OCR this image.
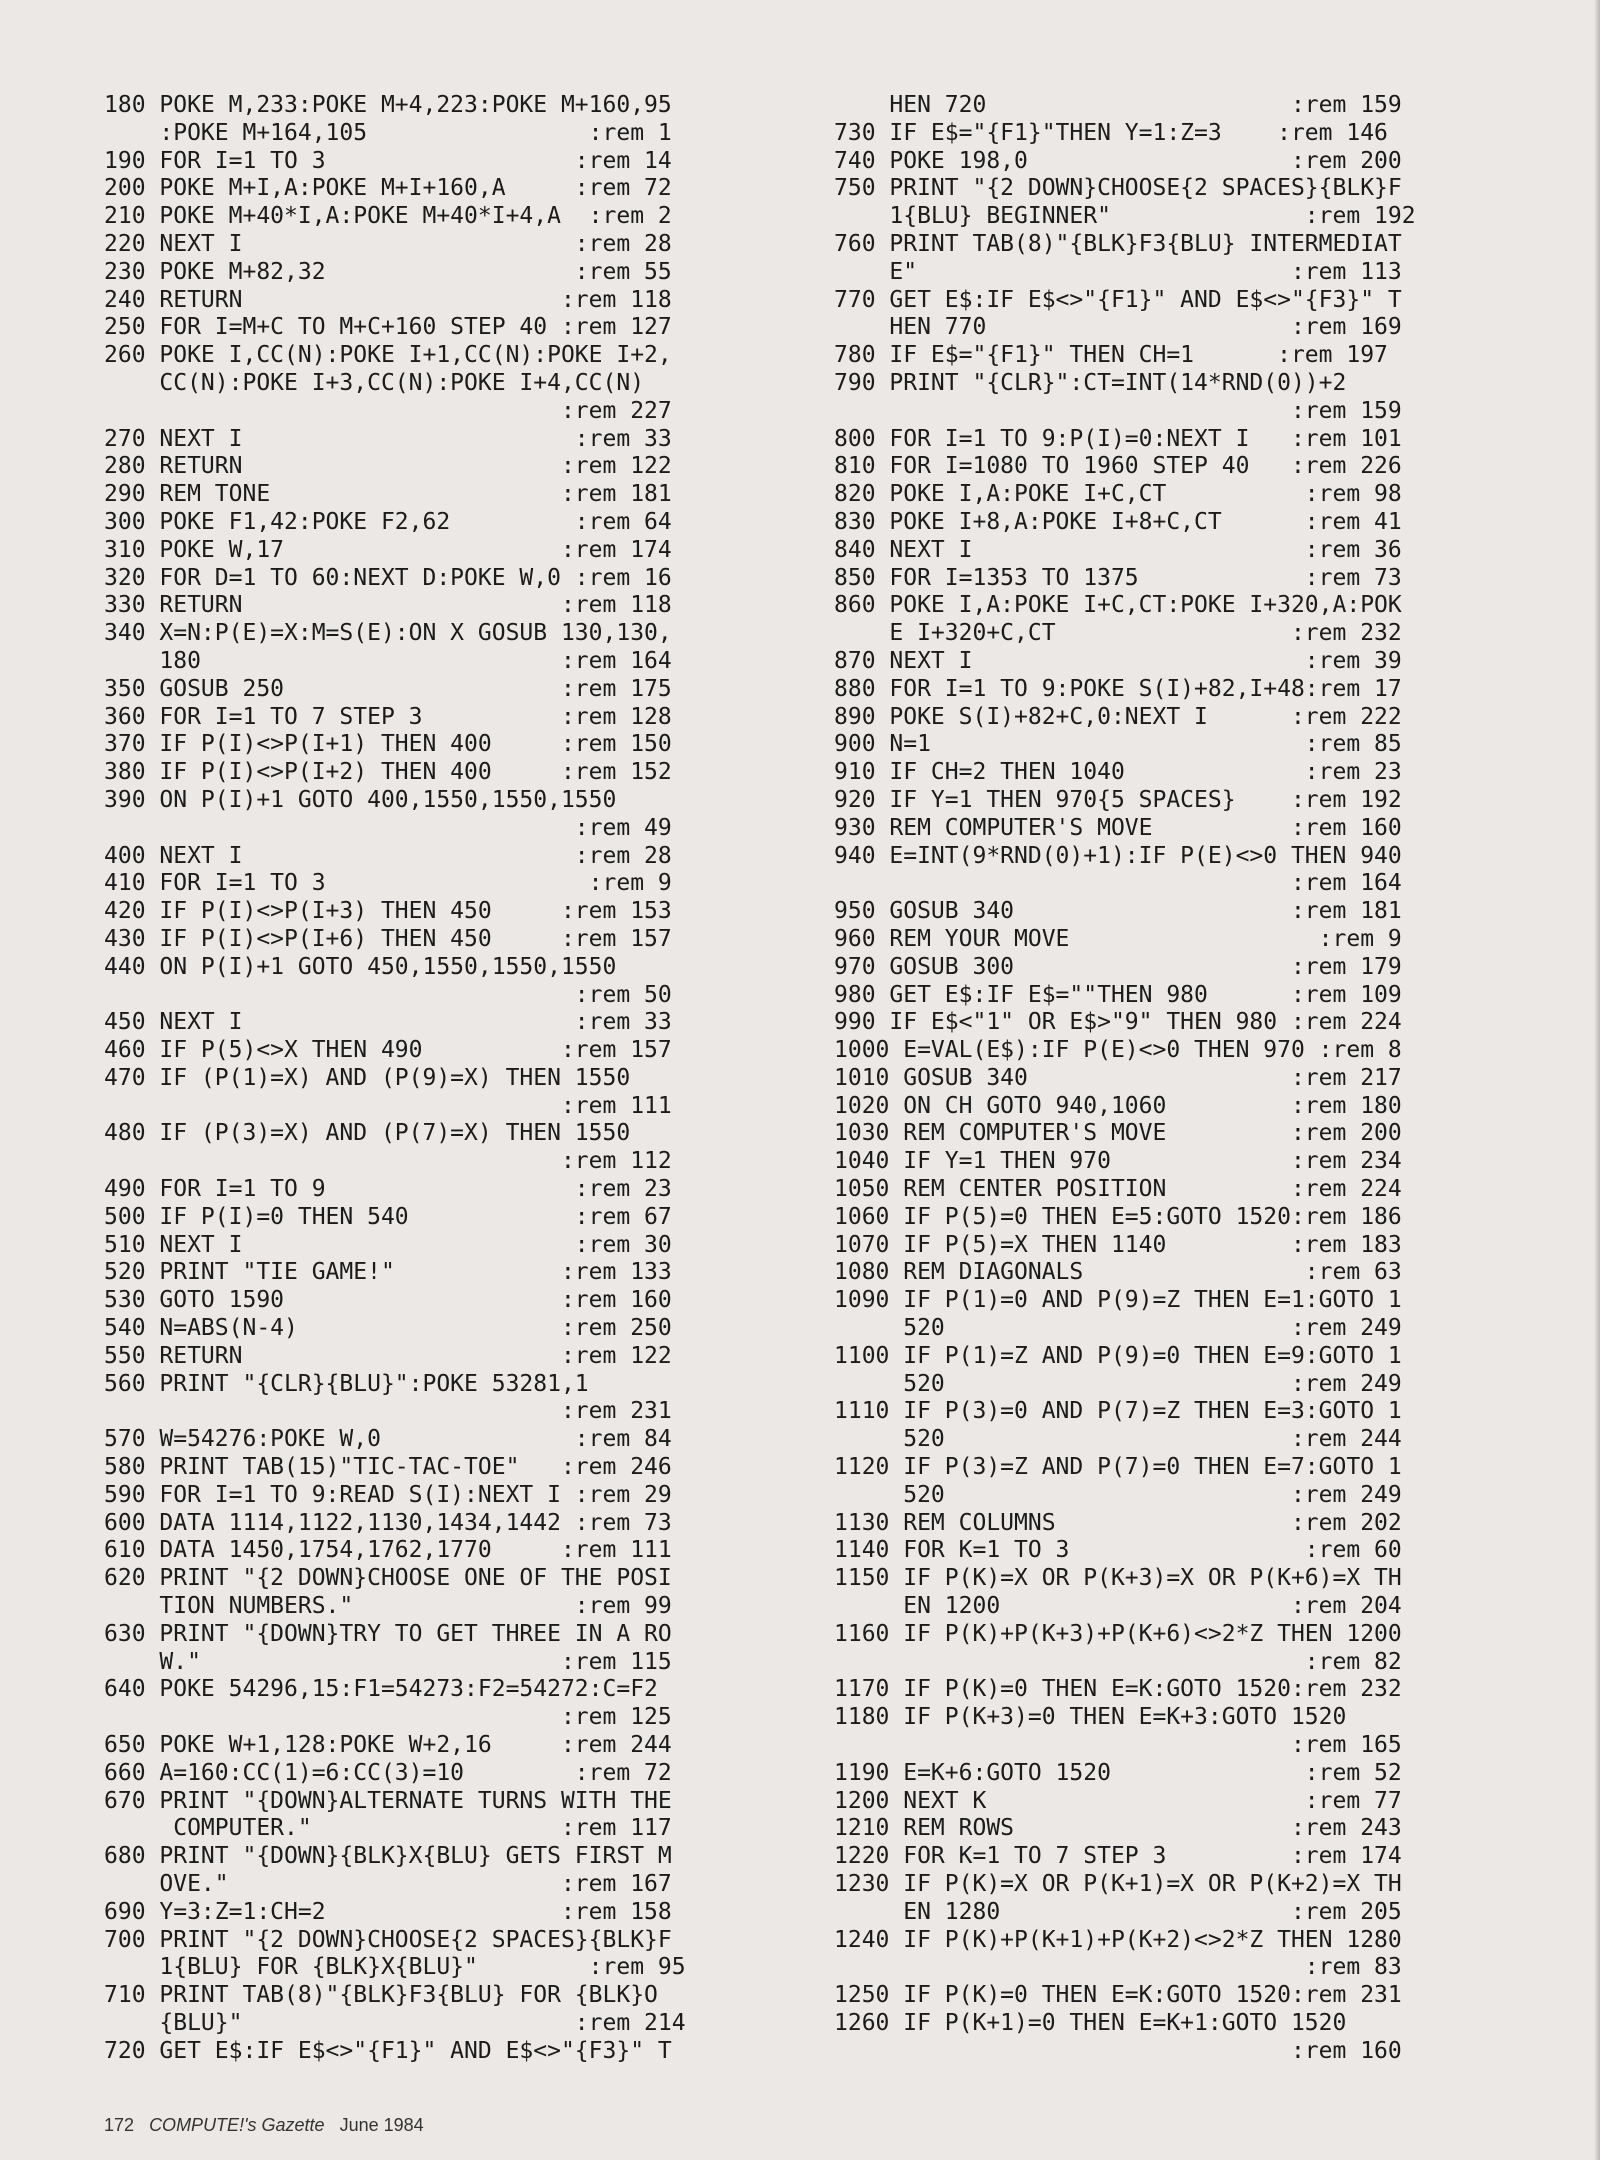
180 POKE M,233:POKE M+4,223:POKE M+160,95
:POKE M+164,105                :rem 1
190 FOR I=1 TO 3                  :rem 14
200 POKE M+I,A:POKE M+I+160,A     :rem 72
210 POKE M+40*I,A:POKE M+40*I+4,A  :rem 2
220 NEXT I                        :rem 28
230 POKE M+82,32                  :rem 55
240 RETURN                       :rem 118
250 FOR I=M+C TO M+C+160 STEP 40 :rem 127
260 POKE I,CC(N):POKE I+1,CC(N):POKE I+2,
CC(N):POKE I+3,CC(N):POKE I+4,CC(N)
:rem 227
270 NEXT I                        :rem 33
280 RETURN                       :rem 122
290 REM TONE                     :rem 181
300 POKE F1,42:POKE F2,62         :rem 64
310 POKE W,17                    :rem 174
320 FOR D=1 TO 60:NEXT D:POKE W,0 :rem 16
330 RETURN                       :rem 118
340 X=N:P(E)=X:M=S(E):ON X GOSUB 130,130,
180                          :rem 164
350 GOSUB 250                    :rem 175
360 FOR I=1 TO 7 STEP 3          :rem 128
370 IF P(I)<>P(I+1) THEN 400     :rem 150
380 IF P(I)<>P(I+2) THEN 400     :rem 152
390 ON P(I)+1 GOTO 400,1550,1550,1550
:rem 49
400 NEXT I                        :rem 28
410 FOR I=1 TO 3                   :rem 9
420 IF P(I)<>P(I+3) THEN 450     :rem 153
430 IF P(I)<>P(I+6) THEN 450     :rem 157
440 ON P(I)+1 GOTO 450,1550,1550,1550
:rem 50
450 NEXT I                        :rem 33
460 IF P(5)<>X THEN 490          :rem 157
470 IF (P(1)=X) AND (P(9)=X) THEN 1550
:rem 111
480 IF (P(3)=X) AND (P(7)=X) THEN 1550
:rem 112
490 FOR I=1 TO 9                  :rem 23
500 IF P(I)=0 THEN 540            :rem 67
510 NEXT I                        :rem 30
520 PRINT "TIE GAME!"            :rem 133
530 GOTO 1590                    :rem 160
540 N=ABS(N-4)                   :rem 250
550 RETURN                       :rem 122
560 PRINT "{CLR}{BLU}":POKE 53281,1
:rem 231
570 W=54276:POKE W,0              :rem 84
580 PRINT TAB(15)"TIC-TAC-TOE"   :rem 246
590 FOR I=1 TO 9:READ S(I):NEXT I :rem 29
600 DATA 1114,1122,1130,1434,1442 :rem 73
610 DATA 1450,1754,1762,1770     :rem 111
620 PRINT "{2 DOWN}CHOOSE ONE OF THE POSI
TION NUMBERS."                :rem 99
630 PRINT "{DOWN}TRY TO GET THREE IN A RO
W."                          :rem 115
640 POKE 54296,15:F1=54273:F2=54272:C=F2
:rem 125
650 POKE W+1,128:POKE W+2,16     :rem 244
660 A=160:CC(1)=6:CC(3)=10        :rem 72
670 PRINT "{DOWN}ALTERNATE TURNS WITH THE
COMPUTER."                  :rem 117
680 PRINT "{DOWN}{BLK}X{BLU} GETS FIRST M
OVE."                        :rem 167
690 Y=3:Z=1:CH=2                 :rem 158
700 PRINT "{2 DOWN}CHOOSE{2 SPACES}{BLK}F
1{BLU} FOR {BLK}X{BLU}"        :rem 95
710 PRINT TAB(8)"{BLK}F3{BLU} FOR {BLK}O
{BLU}"                        :rem 214
720 GET E$:IF E$<>"{F1}" AND E$<>"{F3}" T
HEN 720                      :rem 159
730 IF E$="{F1}"THEN Y=1:Z=3    :rem 146
740 POKE 198,0                   :rem 200
750 PRINT "{2 DOWN}CHOOSE{2 SPACES}{BLK}F
1{BLU} BEGINNER"              :rem 192
760 PRINT TAB(8)"{BLK}F3{BLU} INTERMEDIAT
E"                           :rem 113
770 GET E$:IF E$<>"{F1}" AND E$<>"{F3}" T
HEN 770                      :rem 169
780 IF E$="{F1}" THEN CH=1      :rem 197
790 PRINT "{CLR}":CT=INT(14*RND(0))+2
:rem 159
800 FOR I=1 TO 9:P(I)=0:NEXT I   :rem 101
810 FOR I=1080 TO 1960 STEP 40   :rem 226
820 POKE I,A:POKE I+C,CT          :rem 98
830 POKE I+8,A:POKE I+8+C,CT      :rem 41
840 NEXT I                        :rem 36
850 FOR I=1353 TO 1375            :rem 73
860 POKE I,A:POKE I+C,CT:POKE I+320,A:POK
E I+320+C,CT                 :rem 232
870 NEXT I                        :rem 39
880 FOR I=1 TO 9:POKE S(I)+82,I+48:rem 17
890 POKE S(I)+82+C,0:NEXT I      :rem 222
900 N=1                           :rem 85
910 IF CH=2 THEN 1040             :rem 23
920 IF Y=1 THEN 970{5 SPACES}    :rem 192
930 REM COMPUTER'S MOVE          :rem 160
940 E=INT(9*RND(0)+1):IF P(E)<>0 THEN 940
:rem 164
950 GOSUB 340                    :rem 181
960 REM YOUR MOVE                  :rem 9
970 GOSUB 300                    :rem 179
980 GET E$:IF E$=""THEN 980      :rem 109
990 IF E$<"1" OR E$>"9" THEN 980 :rem 224
1000 E=VAL(E$):IF P(E)<>0 THEN 970 :rem 8
1010 GOSUB 340                   :rem 217
1020 ON CH GOTO 940,1060         :rem 180
1030 REM COMPUTER'S MOVE         :rem 200
1040 IF Y=1 THEN 970             :rem 234
1050 REM CENTER POSITION         :rem 224
1060 IF P(5)=0 THEN E=5:GOTO 1520:rem 186
1070 IF P(5)=X THEN 1140         :rem 183
1080 REM DIAGONALS                :rem 63
1090 IF P(1)=0 AND P(9)=Z THEN E=1:GOTO 1
520                         :rem 249
1100 IF P(1)=Z AND P(9)=0 THEN E=9:GOTO 1
520                         :rem 249
1110 IF P(3)=0 AND P(7)=Z THEN E=3:GOTO 1
520                         :rem 244
1120 IF P(3)=Z AND P(7)=0 THEN E=7:GOTO 1
520                         :rem 249
1130 REM COLUMNS                 :rem 202
1140 FOR K=1 TO 3                 :rem 60
1150 IF P(K)=X OR P(K+3)=X OR P(K+6)=X TH
EN 1200                     :rem 204
1160 IF P(K)+P(K+3)+P(K+6)<>2*Z THEN 1200
:rem 82
1170 IF P(K)=0 THEN E=K:GOTO 1520:rem 232
1180 IF P(K+3)=0 THEN E=K+3:GOTO 1520
:rem 165
1190 E=K+6:GOTO 1520              :rem 52
1200 NEXT K                       :rem 77
1210 REM ROWS                    :rem 243
1220 FOR K=1 TO 7 STEP 3         :rem 174
1230 IF P(K)=X OR P(K+1)=X OR P(K+2)=X TH
EN 1280                     :rem 205
1240 IF P(K)+P(K+1)+P(K+2)<>2*Z THEN 1280
:rem 83
1250 IF P(K)=0 THEN E=K:GOTO 1520:rem 231
1260 IF P(K+1)=0 THEN E=K+1:GOTO 1520
:rem 160
172 COMPUTE!'s Gazette June 1984
